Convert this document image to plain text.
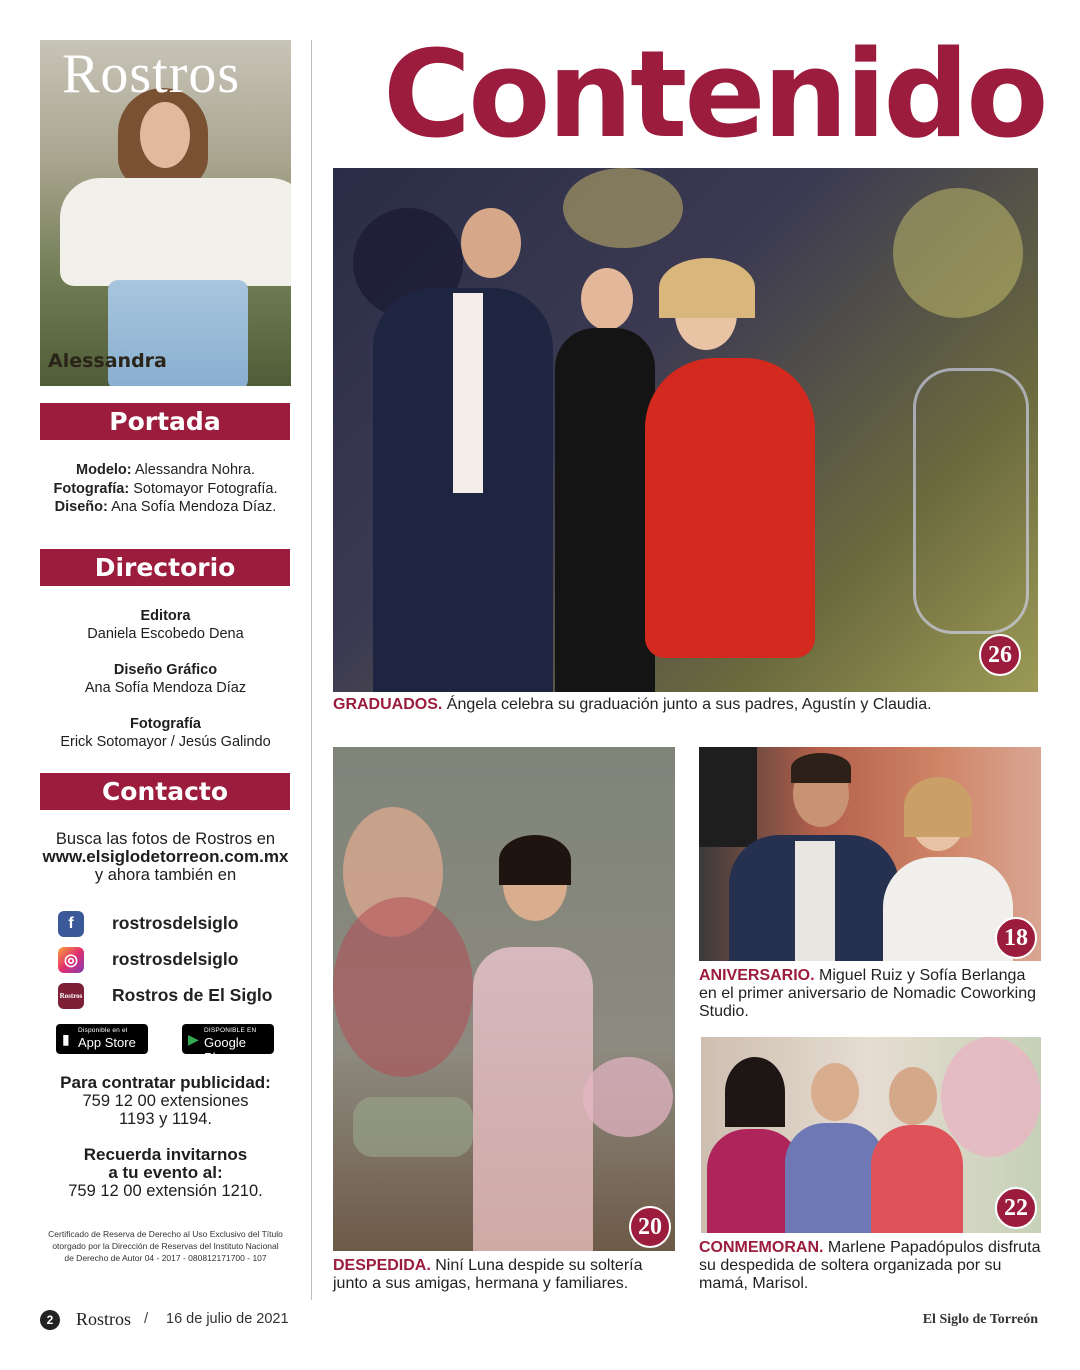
Rostros
Alessandra
Portada
Modelo: Alessandra Nohra.
Fotografía: Sotomayor Fotografía.
Diseño: Ana Sofía Mendoza Díaz.
Directorio
Editora
Daniela Escobedo Dena
Diseño Gráfico
Ana Sofía Mendoza Díaz
Fotografía
Erick Sotomayor / Jesús Galindo
Contacto
Busca las fotos de Rostros en
www.elsiglodetorreon.com.mx
y ahora también en
f	rostrosdelsiglo
◎	rostrosdelsiglo
Rostros Rostros de El Siglo
▮
Disponible en el
App Store	▶
DISPONIBLE EN
Google Play
Para contratar publicidad:
759 12 00 extensiones
1193 y 1194.
Recuerda invitarnos
a tu evento al:
759 12 00 extensión 1210.
Certificado de Reserva de Derecho al Uso Exclusivo del Título
otorgado por la Dirección de Reservas del Instituto Nacional
de Derecho de Autor 04 - 2017 - 080812171700 - 107
Contenido
26
GRADUADOS. Ángela celebra su graduación junto a sus padres, Agustín y Claudia.
20
DESPEDIDA. Niní Luna despide su soltería junto a sus amigas, hermana y familiares.
18
ANIVERSARIO. Miguel Ruiz y Sofía Berlanga en el primer aniversario de Nomadic Coworking Studio.
22
CONMEMORAN. Marlene Papadópulos disfruta su despedida de soltera organizada por su mamá, Marisol.
2	Rostros / 16 de julio de 2021	El Siglo de Torreón
